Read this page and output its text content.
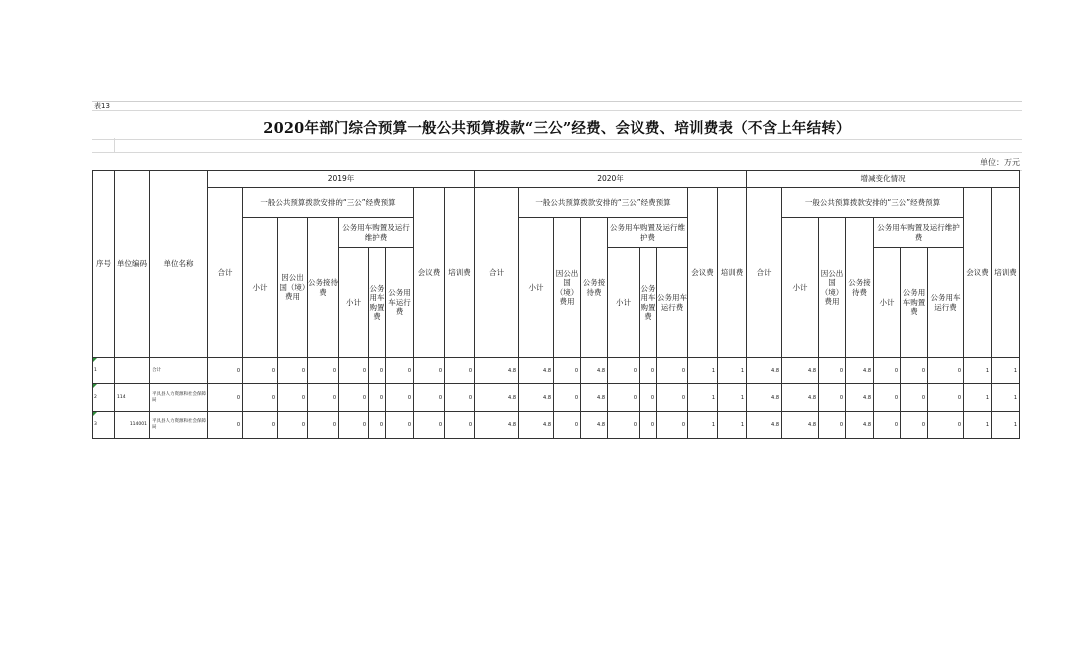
表13
2020年部门综合预算一般公共预算拨款“三公”经费、会议费、培训费表（不含上年结转）
单位：万元
序号	单位编码	单位名称	2019年									2020年									增减变化情况								
			合计	一般公共预算拨款安排的“三公”经费预算						会议费	培训费	合计	一般公共预算拨款安排的“三公”经费预算						会议费	培训费	合计	一般公共预算拨款安排的“三公”经费预算						会议费	培训费
				小计	因公出国（境）费用	公务接待费	公务用车购置及运行维护费						小计	因公出国（境）费用	公务接待费	公务用车购置及运行维护费						小计	因公出国（境）费用	公务接待费	公务用车购置及运行维护费				
							小计	公务用车购置费	公务用车运行费							小计	公务用车购置费	公务用车运行费							小计	公务用车购置费	公务用车运行费		

1		合计	0	0	0	0	0	0	0	0	0	4.8	4.8	0	4.8	0	0	0	1	1	4.8	4.8	0	4.8	0	0	0	1	1

2	114	平具县人力资源和社会保障局	0	0	0	0	0	0	0	0	0	4.8	4.8	0	4.8	0	0	0	1	1	4.8	4.8	0	4.8	0	0	0	1	1

3	114001	平具县人力资源和社会保障局	0	0	0	0	0	0	0	0	0	4.8	4.8	0	4.8	0	0	0	1	1	4.8	4.8	0	4.8	0	0	0	1	1
